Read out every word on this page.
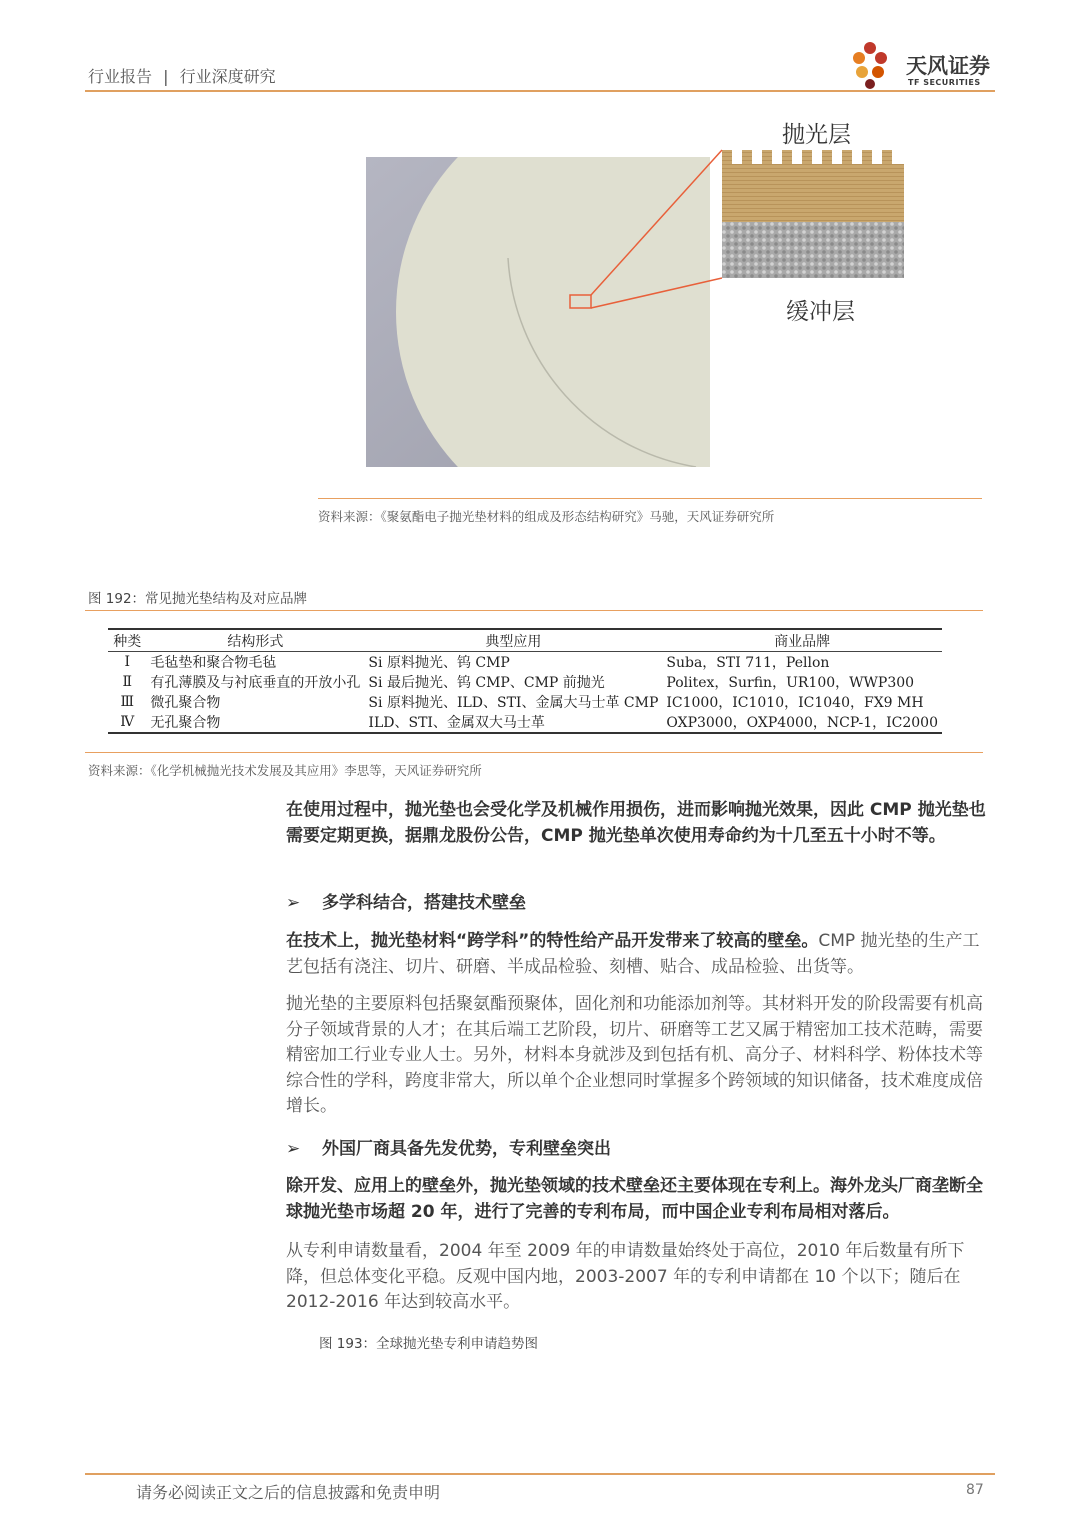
行业报告 | 行业深度研究	天风证券
TF SECURITIES
抛光层
缓冲层
资料来源：《聚氨酯电子抛光垫材料的组成及形态结构研究》马驰，天风证券研究所
图 192：常见抛光垫结构及对应品牌
种类	结构形式	典型应用	商业品牌
Ⅰ	毛毡垫和聚合物毛毡	Si 原料抛光、钨 CMP	Suba，STI 711，Pellon
Ⅱ	有孔薄膜及与衬底垂直的开放小孔	Si 最后抛光、钨 CMP、CMP 前抛光	Politex，Surfin，UR100，WWP300
Ⅲ	微孔聚合物	Si 原料抛光、ILD、STI、金属大马士革 CMP	IC1000，IC1010，IC1040，FX9 MH
Ⅳ	无孔聚合物	ILD、STI、金属双大马士革	OXP3000，OXP4000，NCP-1，IC2000
资料来源：《化学机械抛光技术发展及其应用》李思等，天风证券研究所
在使用过程中，抛光垫也会受化学及机械作用损伤，进而影响抛光效果，因此 CMP 抛光垫也需要定期更换，据鼎龙股份公告，CMP 抛光垫单次使用寿命约为十几至五十小时不等。
➢ 多学科结合，搭建技术壁垒
在技术上，抛光垫材料“跨学科”的特性给产品开发带来了较高的壁垒。CMP 抛光垫的生产工艺包括有浇注、切片、研磨、半成品检验、刻槽、贴合、成品检验、出货等。
抛光垫的主要原料包括聚氨酯预聚体，固化剂和功能添加剂等。其材料开发的阶段需要有机高分子领域背景的人才；在其后端工艺阶段，切片、研磨等工艺又属于精密加工技术范畴，需要精密加工行业专业人士。另外，材料本身就涉及到包括有机、高分子、材料科学、粉体技术等综合性的学科，跨度非常大，所以单个企业想同时掌握多个跨领域的知识储备，技术难度成倍增长。
➢ 外国厂商具备先发优势，专利壁垒突出
除开发、应用上的壁垒外，抛光垫领域的技术壁垒还主要体现在专利上。海外龙头厂商垄断全球抛光垫市场超 20 年，进行了完善的专利布局，而中国企业专利布局相对落后。
从专利申请数量看，2004 年至 2009 年的申请数量始终处于高位，2010 年后数量有所下降，但总体变化平稳。反观中国内地，2003-2007 年的专利申请都在 10 个以下；随后在 2012-2016 年达到较高水平。
图 193：全球抛光垫专利申请趋势图
请务必阅读正文之后的信息披露和免责申明	87
